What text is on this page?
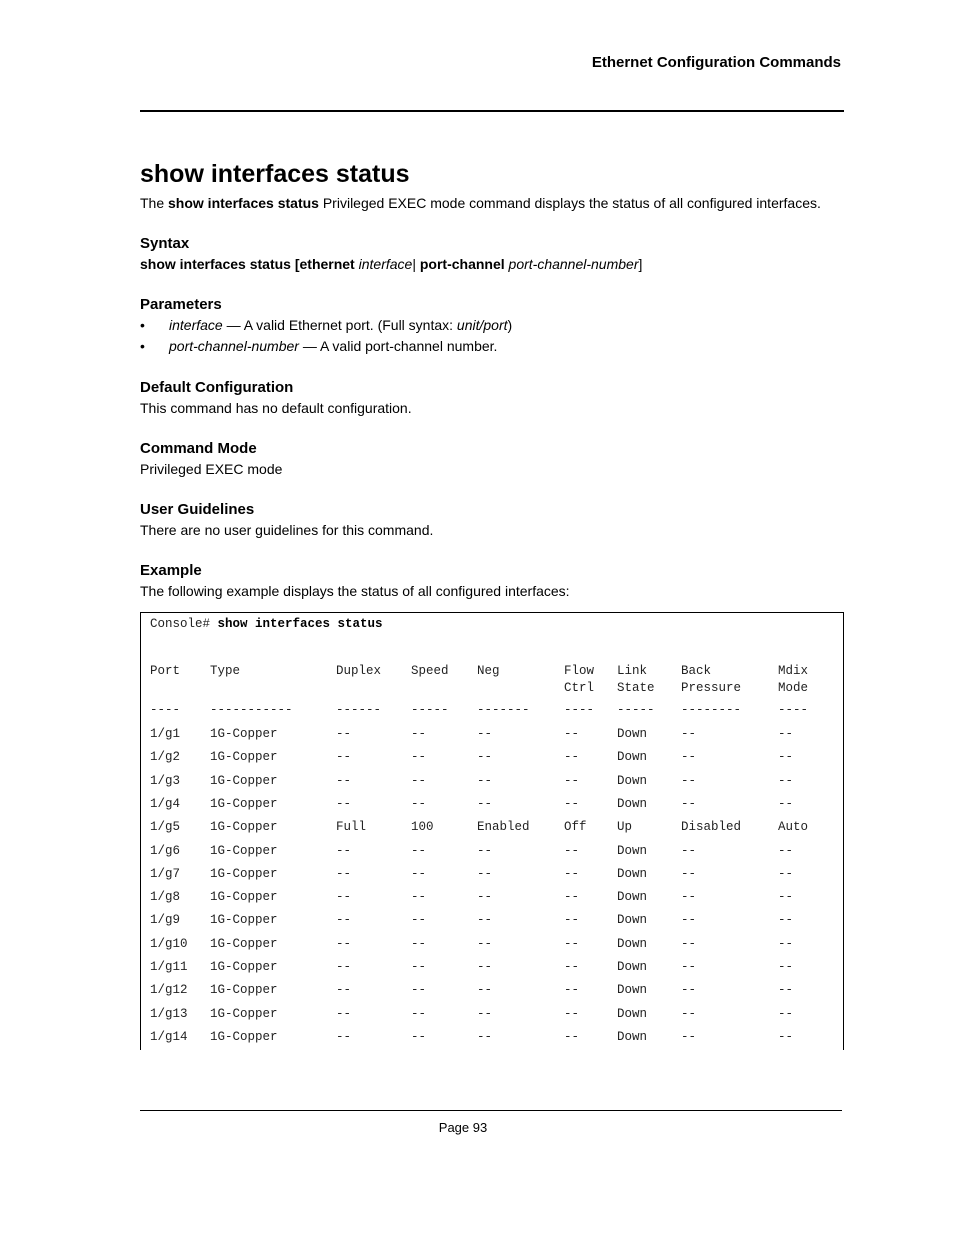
Ethernet Configuration Commands
show interfaces status

The show interfaces status Privileged EXEC mode command displays the status of all configured interfaces.

Syntax

show interfaces status [ethernet interface| port-channel port-channel-number]

Parameters

• interface — A valid Ethernet port. (Full syntax: unit/port)
• port-channel-number — A valid port-channel number.

Default Configuration

This command has no default configuration.

Command Mode

Privileged EXEC mode

User Guidelines

There are no user guidelines for this command.

Example

The following example displays the status of all configured interfaces:

Console# show interfaces status
Port Type	Duplex Speed Neg	Flow Link	Back	Mdix
Ctrl State Pressure	Mode
---- -----------	------ ----- -------	---- ----- --------	----
1/g1 1G-Copper	--	--	--	--	Down	--	--
1/g2 1G-Copper	--	--	--	--	Down	--	--
1/g3 1G-Copper	--	--	--	--	Down	--	--
1/g4 1G-Copper	--	--	--	--	Down	--	--
1/g5 1G-Copper	Full	100	Enabled	Off Up	Disabled	Auto
1/g6 1G-Copper	--	--	--	--	Down	--	--
1/g7 1G-Copper	--	--	--	--	Down	--	--
1/g8 1G-Copper	--	--	--	--	Down	--	--
1/g9 1G-Copper	--	--	--	--	Down	--	--
1/g10 1G-Copper	--	--	--	--	Down	--	--
1/g11 1G-Copper	--	--	--	--	Down	--	--
1/g12 1G-Copper	--	--	--	--	Down	--	--
1/g13 1G-Copper	--	--	--	--	Down	--	--
1/g14 1G-Copper	--	--	--	--	Down	--	--
Page 93
